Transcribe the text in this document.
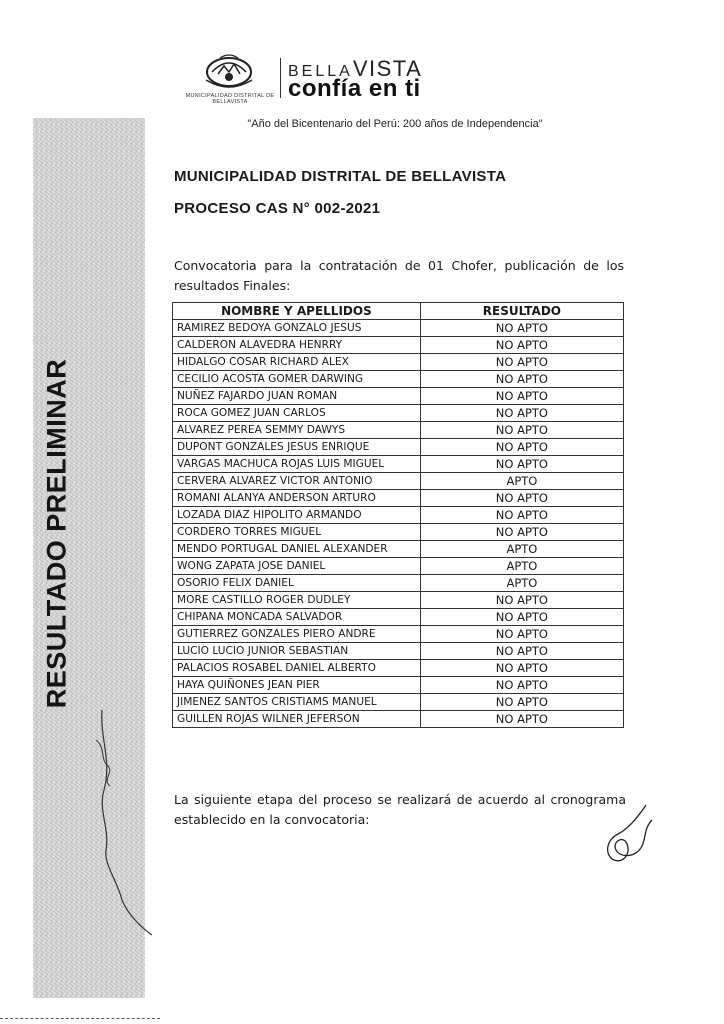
RESULTADO PRELIMINAR
MUNICIPALIDAD DISTRITAL DE BELLAVISTA
BELLAVISTA
confía en ti
"Año del Bicentenario del Perú: 200 años de Independencia"
MUNICIPALIDAD DISTRITAL DE BELLAVISTA
PROCESO CAS N° 002-2021
Convocatoria para la contratación de 01 Chofer, publicación de los resultados Finales:
NOMBRE Y APELLIDOS	RESULTADO
RAMIREZ BEDOYA GONZALO JESUS	NO APTO
CALDERON ALAVEDRA HENRRY	NO APTO
HIDALGO COSAR RICHARD ALEX	NO APTO
CECILIO ACOSTA GOMER DARWING	NO APTO
NUÑEZ FAJARDO JUAN ROMAN	NO APTO
ROCA GOMEZ JUAN CARLOS	NO APTO
ALVAREZ PEREA SEMMY DAWYS	NO APTO
DUPONT GONZALES JESUS ENRIQUE	NO APTO
VARGAS MACHUCA ROJAS LUIS MIGUEL	NO APTO
CERVERA ALVAREZ VICTOR ANTONIO	APTO
ROMANI ALANYA ANDERSON ARTURO	NO APTO
LOZADA DIAZ HIPOLITO ARMANDO	NO APTO
CORDERO TORRES MIGUEL	NO APTO
MENDO PORTUGAL DANIEL ALEXANDER	APTO
WONG ZAPATA JOSE DANIEL	APTO
OSORIO FELIX DANIEL	APTO
MORE CASTILLO ROGER DUDLEY	NO APTO
CHIPANA MONCADA SALVADOR	NO APTO
GUTIERREZ GONZALES PIERO ANDRE	NO APTO
LUCIO LUCIO JUNIOR SEBASTIAN	NO APTO
PALACIOS ROSABEL DANIEL ALBERTO	NO APTO
HAYA QUIÑONES JEAN PIER	NO APTO
JIMENEZ SANTOS CRISTIAMS MANUEL	NO APTO
GUILLEN ROJAS WILNER JEFERSON	NO APTO
La siguiente etapa del proceso se realizará de acuerdo al cronograma establecido en la convocatoria:
